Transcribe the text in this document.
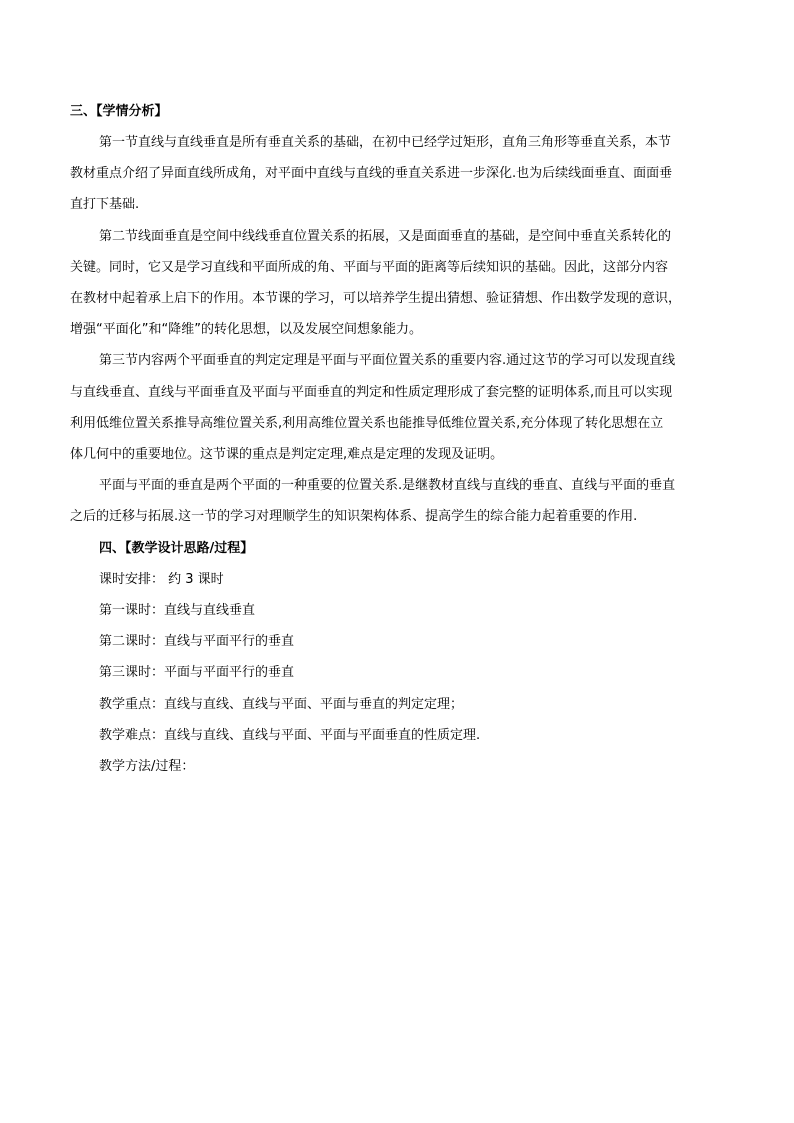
三、【学情分析】
第一节直线与直线垂直是所有垂直关系的基础，在初中已经学过矩形，直角三角形等垂直关系，本节
教材重点介绍了异面直线所成角，对平面中直线与直线的垂直关系进一步深化.也为后续线面垂直、面面垂
直打下基础.
第二节线面垂直是空间中线线垂直位置关系的拓展，又是面面垂直的基础，是空间中垂直关系转化的
关键。同时，它又是学习直线和平面所成的角、平面与平面的距离等后续知识的基础。因此，这部分内容
在教材中起着承上启下的作用。本节课的学习，可以培养学生提出猜想、验证猜想、作出数学发现的意识，
增强“平面化”和“降维”的转化思想，以及发展空间想象能力。
第三节内容两个平面垂直的判定定理是平面与平面位置关系的重要内容.通过这节的学习可以发现直线
与直线垂直、直线与平面垂直及平面与平面垂直的判定和性质定理形成了套完整的证明体系,而且可以实现
利用低维位置关系推导高维位置关系,利用高维位置关系也能推导低维位置关系,充分体现了转化思想在立
体几何中的重要地位。这节课的重点是判定定理,难点是定理的发现及证明。
平面与平面的垂直是两个平面的一种重要的位置关系.是继教材直线与直线的垂直、直线与平面的垂直
之后的迁移与拓展.这一节的学习对理顺学生的知识架构体系、提高学生的综合能力起着重要的作用.
四、【教学设计思路/过程】
课时安排： 约 3 课时
第一课时：直线与直线垂直
第二课时：直线与平面平行的垂直
第三课时：平面与平面平行的垂直
教学重点：直线与直线、直线与平面、平面与垂直的判定定理；
教学难点：直线与直线、直线与平面、平面与平面垂直的性质定理.
教学方法/过程：
